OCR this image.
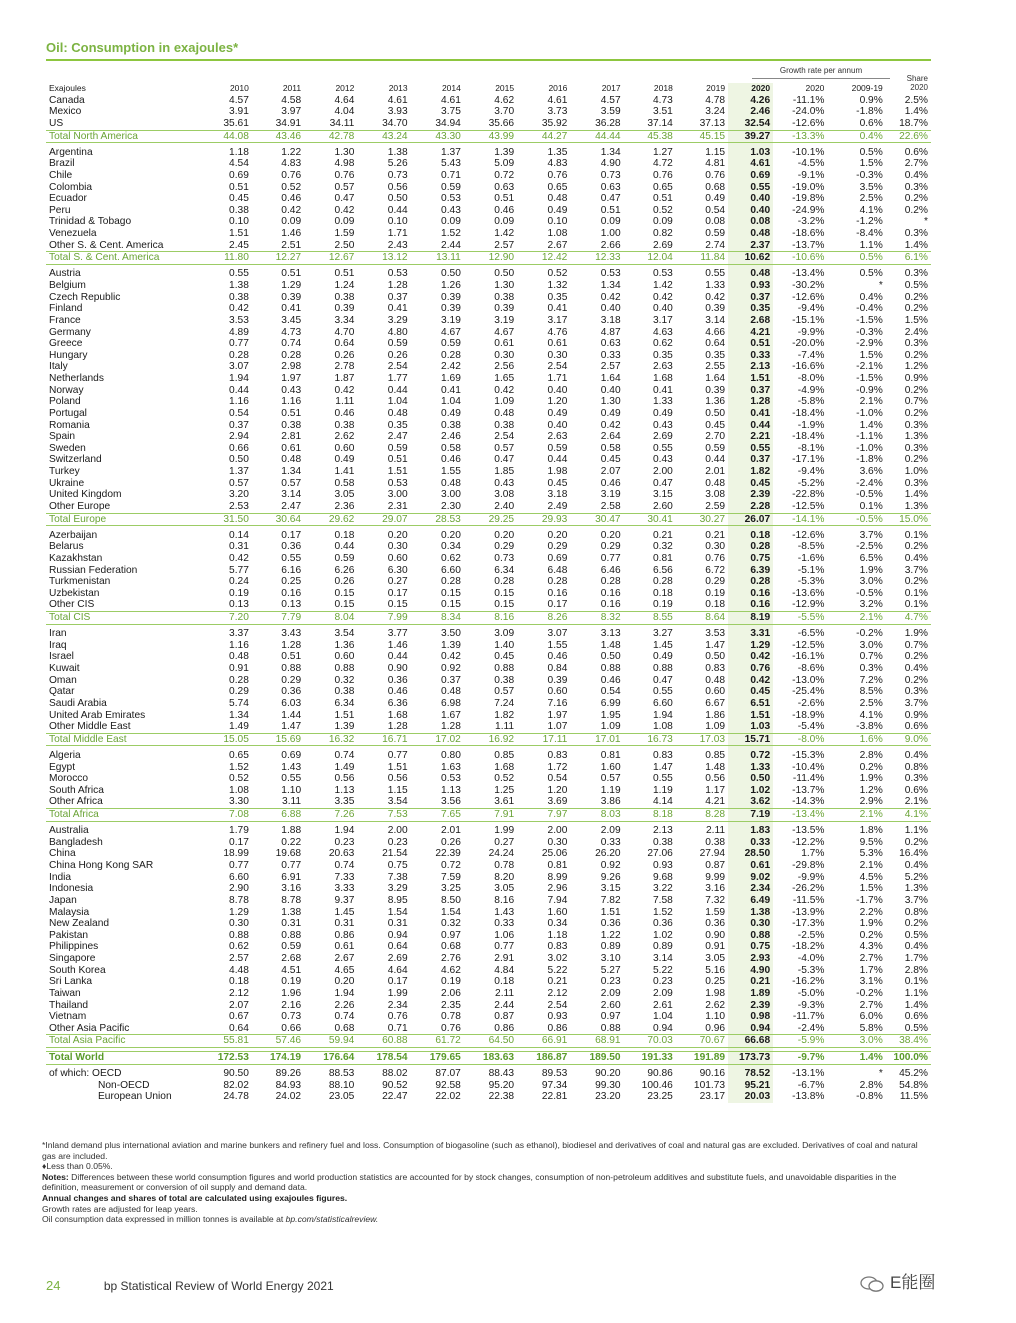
Oil: Consumption in exajoules*
Growth rate per annum
Share
2020
Exajoules	2010	2011	2012	2013	2014	2015	2016	2017	2018	2019	2020	2020	2009-19	
Canada	4.57	4.58	4.64	4.61	4.61	4.62	4.61	4.57	4.73	4.78	4.26	-11.1%	0.9%	2.5%
Mexico	3.91	3.97	4.04	3.93	3.75	3.70	3.73	3.59	3.51	3.24	2.46	-24.0%	-1.8%	1.4%
US	35.61	34.91	34.11	34.70	34.94	35.66	35.92	36.28	37.14	37.13	32.54	-12.6%	0.6%	18.7%
Total North America	44.08	43.46	42.78	43.24	43.30	43.99	44.27	44.44	45.38	45.15	39.27	-13.3%	0.4%	22.6%

Argentina	1.18	1.22	1.30	1.38	1.37	1.39	1.35	1.34	1.27	1.15	1.03	-10.1%	0.5%	0.6%
Brazil	4.54	4.83	4.98	5.26	5.43	5.09	4.83	4.90	4.72	4.81	4.61	-4.5%	1.5%	2.7%
Chile	0.69	0.76	0.76	0.73	0.71	0.72	0.76	0.73	0.76	0.76	0.69	-9.1%	-0.3%	0.4%
Colombia	0.51	0.52	0.57	0.56	0.59	0.63	0.65	0.63	0.65	0.68	0.55	-19.0%	3.5%	0.3%
Ecuador	0.45	0.46	0.47	0.50	0.53	0.51	0.48	0.47	0.51	0.49	0.40	-19.8%	2.5%	0.2%
Peru	0.38	0.42	0.42	0.44	0.43	0.46	0.49	0.51	0.52	0.54	0.40	-24.9%	4.1%	0.2%
Trinidad & Tobago	0.10	0.09	0.09	0.10	0.09	0.09	0.10	0.09	0.09	0.08	0.08	-3.2%	-1.2%	*
Venezuela	1.51	1.46	1.59	1.71	1.52	1.42	1.08	1.00	0.82	0.59	0.48	-18.6%	-8.4%	0.3%
Other S. & Cent. America	2.45	2.51	2.50	2.43	2.44	2.57	2.67	2.66	2.69	2.74	2.37	-13.7%	1.1%	1.4%
Total S. & Cent. America	11.80	12.27	12.67	13.12	13.11	12.90	12.42	12.33	12.04	11.84	10.62	-10.6%	0.5%	6.1%

Austria	0.55	0.51	0.51	0.53	0.50	0.50	0.52	0.53	0.53	0.55	0.48	-13.4%	0.5%	0.3%
Belgium	1.38	1.29	1.24	1.28	1.26	1.30	1.32	1.34	1.42	1.33	0.93	-30.2%	*	0.5%
Czech Republic	0.38	0.39	0.38	0.37	0.39	0.38	0.35	0.42	0.42	0.42	0.37	-12.6%	0.4%	0.2%
Finland	0.42	0.41	0.39	0.41	0.39	0.39	0.41	0.40	0.40	0.39	0.35	-9.4%	-0.4%	0.2%
France	3.53	3.45	3.34	3.29	3.19	3.19	3.17	3.18	3.17	3.14	2.68	-15.1%	-1.5%	1.5%
Germany	4.89	4.73	4.70	4.80	4.67	4.67	4.76	4.87	4.63	4.66	4.21	-9.9%	-0.3%	2.4%
Greece	0.77	0.74	0.64	0.59	0.59	0.61	0.61	0.63	0.62	0.64	0.51	-20.0%	-2.9%	0.3%
Hungary	0.28	0.28	0.26	0.26	0.28	0.30	0.30	0.33	0.35	0.35	0.33	-7.4%	1.5%	0.2%
Italy	3.07	2.98	2.78	2.54	2.42	2.56	2.54	2.57	2.63	2.55	2.13	-16.6%	-2.1%	1.2%
Netherlands	1.94	1.97	1.87	1.77	1.69	1.65	1.71	1.64	1.68	1.64	1.51	-8.0%	-1.5%	0.9%
Norway	0.44	0.43	0.42	0.44	0.41	0.42	0.40	0.40	0.41	0.39	0.37	-4.9%	-0.9%	0.2%
Poland	1.16	1.16	1.11	1.04	1.04	1.09	1.20	1.30	1.33	1.36	1.28	-5.8%	2.1%	0.7%
Portugal	0.54	0.51	0.46	0.48	0.49	0.48	0.49	0.49	0.49	0.50	0.41	-18.4%	-1.0%	0.2%
Romania	0.37	0.38	0.38	0.35	0.38	0.38	0.40	0.42	0.43	0.45	0.44	-1.9%	1.4%	0.3%
Spain	2.94	2.81	2.62	2.47	2.46	2.54	2.63	2.64	2.69	2.70	2.21	-18.4%	-1.1%	1.3%
Sweden	0.66	0.61	0.60	0.59	0.58	0.57	0.59	0.58	0.55	0.59	0.55	-8.1%	-1.0%	0.3%
Switzerland	0.50	0.48	0.49	0.51	0.46	0.47	0.44	0.45	0.43	0.44	0.37	-17.1%	-1.8%	0.2%
Turkey	1.37	1.34	1.41	1.51	1.55	1.85	1.98	2.07	2.00	2.01	1.82	-9.4%	3.6%	1.0%
Ukraine	0.57	0.57	0.58	0.53	0.48	0.43	0.45	0.46	0.47	0.48	0.45	-5.2%	-2.4%	0.3%
United Kingdom	3.20	3.14	3.05	3.00	3.00	3.08	3.18	3.19	3.15	3.08	2.39	-22.8%	-0.5%	1.4%
Other Europe	2.53	2.47	2.36	2.31	2.30	2.40	2.49	2.58	2.60	2.59	2.28	-12.5%	0.1%	1.3%
Total Europe	31.50	30.64	29.62	29.07	28.53	29.25	29.93	30.47	30.41	30.27	26.07	-14.1%	-0.5%	15.0%

Azerbaijan	0.14	0.17	0.18	0.20	0.20	0.20	0.20	0.20	0.21	0.21	0.18	-12.6%	3.7%	0.1%
Belarus	0.31	0.36	0.44	0.30	0.34	0.29	0.29	0.29	0.32	0.30	0.28	-8.5%	-2.5%	0.2%
Kazakhstan	0.42	0.55	0.59	0.60	0.62	0.73	0.69	0.77	0.81	0.76	0.75	-1.6%	6.5%	0.4%
Russian Federation	5.77	6.16	6.26	6.30	6.60	6.34	6.48	6.46	6.56	6.72	6.39	-5.1%	1.9%	3.7%
Turkmenistan	0.24	0.25	0.26	0.27	0.28	0.28	0.28	0.28	0.28	0.29	0.28	-5.3%	3.0%	0.2%
Uzbekistan	0.19	0.16	0.15	0.17	0.15	0.15	0.16	0.16	0.18	0.19	0.16	-13.6%	-0.5%	0.1%
Other CIS	0.13	0.13	0.15	0.15	0.15	0.15	0.17	0.16	0.19	0.18	0.16	-12.9%	3.2%	0.1%
Total CIS	7.20	7.79	8.04	7.99	8.34	8.16	8.26	8.32	8.55	8.64	8.19	-5.5%	2.1%	4.7%

Iran	3.37	3.43	3.54	3.77	3.50	3.09	3.07	3.13	3.27	3.53	3.31	-6.5%	-0.2%	1.9%
Iraq	1.16	1.28	1.36	1.46	1.39	1.40	1.55	1.48	1.45	1.47	1.29	-12.5%	3.0%	0.7%
Israel	0.48	0.51	0.60	0.44	0.42	0.45	0.46	0.50	0.49	0.50	0.42	-16.1%	0.7%	0.2%
Kuwait	0.91	0.88	0.88	0.90	0.92	0.88	0.84	0.88	0.88	0.83	0.76	-8.6%	0.3%	0.4%
Oman	0.28	0.29	0.32	0.36	0.37	0.38	0.39	0.46	0.47	0.48	0.42	-13.0%	7.2%	0.2%
Qatar	0.29	0.36	0.38	0.46	0.48	0.57	0.60	0.54	0.55	0.60	0.45	-25.4%	8.5%	0.3%
Saudi Arabia	5.74	6.03	6.34	6.36	6.98	7.24	7.16	6.99	6.60	6.67	6.51	-2.6%	2.5%	3.7%
United Arab Emirates	1.34	1.44	1.51	1.68	1.67	1.82	1.97	1.95	1.94	1.86	1.51	-18.9%	4.1%	0.9%
Other Middle East	1.49	1.47	1.39	1.28	1.28	1.11	1.07	1.09	1.08	1.09	1.03	-5.4%	-3.8%	0.6%
Total Middle East	15.05	15.69	16.32	16.71	17.02	16.92	17.11	17.01	16.73	17.03	15.71	-8.0%	1.6%	9.0%

Algeria	0.65	0.69	0.74	0.77	0.80	0.85	0.83	0.81	0.83	0.85	0.72	-15.3%	2.8%	0.4%
Egypt	1.52	1.43	1.49	1.51	1.63	1.68	1.72	1.60	1.47	1.48	1.33	-10.4%	0.2%	0.8%
Morocco	0.52	0.55	0.56	0.56	0.53	0.52	0.54	0.57	0.55	0.56	0.50	-11.4%	1.9%	0.3%
South Africa	1.08	1.10	1.13	1.15	1.13	1.25	1.20	1.19	1.19	1.17	1.02	-13.7%	1.2%	0.6%
Other Africa	3.30	3.11	3.35	3.54	3.56	3.61	3.69	3.86	4.14	4.21	3.62	-14.3%	2.9%	2.1%
Total Africa	7.08	6.88	7.26	7.53	7.65	7.91	7.97	8.03	8.18	8.28	7.19	-13.4%	2.1%	4.1%

Australia	1.79	1.88	1.94	2.00	2.01	1.99	2.00	2.09	2.13	2.11	1.83	-13.5%	1.8%	1.1%
Bangladesh	0.17	0.22	0.23	0.23	0.26	0.27	0.30	0.33	0.38	0.38	0.33	-12.2%	9.5%	0.2%
China	18.99	19.68	20.63	21.54	22.39	24.24	25.06	26.20	27.06	27.94	28.50	1.7%	5.3%	16.4%
China Hong Kong SAR	0.77	0.77	0.74	0.75	0.72	0.78	0.81	0.92	0.93	0.87	0.61	-29.8%	2.1%	0.4%
India	6.60	6.91	7.33	7.38	7.59	8.20	8.99	9.26	9.68	9.99	9.02	-9.9%	4.5%	5.2%
Indonesia	2.90	3.16	3.33	3.29	3.25	3.05	2.96	3.15	3.22	3.16	2.34	-26.2%	1.5%	1.3%
Japan	8.78	8.78	9.37	8.95	8.50	8.16	7.94	7.82	7.58	7.32	6.49	-11.5%	-1.7%	3.7%
Malaysia	1.29	1.38	1.45	1.54	1.54	1.43	1.60	1.51	1.52	1.59	1.38	-13.9%	2.2%	0.8%
New Zealand	0.30	0.31	0.31	0.31	0.32	0.33	0.34	0.36	0.36	0.36	0.30	-17.3%	1.9%	0.2%
Pakistan	0.88	0.88	0.86	0.94	0.97	1.06	1.18	1.22	1.02	0.90	0.88	-2.5%	0.2%	0.5%
Philippines	0.62	0.59	0.61	0.64	0.68	0.77	0.83	0.89	0.89	0.91	0.75	-18.2%	4.3%	0.4%
Singapore	2.57	2.68	2.67	2.69	2.76	2.91	3.02	3.10	3.14	3.05	2.93	-4.0%	2.7%	1.7%
South Korea	4.48	4.51	4.65	4.64	4.62	4.84	5.22	5.27	5.22	5.16	4.90	-5.3%	1.7%	2.8%
Sri Lanka	0.18	0.19	0.20	0.17	0.19	0.18	0.21	0.23	0.23	0.25	0.21	-16.2%	3.1%	0.1%
Taiwan	2.12	1.96	1.94	1.99	2.06	2.11	2.12	2.09	2.09	1.98	1.89	-5.0%	-0.2%	1.1%
Thailand	2.07	2.16	2.26	2.34	2.35	2.44	2.54	2.60	2.61	2.62	2.39	-9.3%	2.7%	1.4%
Vietnam	0.67	0.73	0.74	0.76	0.78	0.87	0.93	0.97	1.04	1.10	0.98	-11.7%	6.0%	0.6%
Other Asia Pacific	0.64	0.66	0.68	0.71	0.76	0.86	0.86	0.88	0.94	0.96	0.94	-2.4%	5.8%	0.5%
Total Asia Pacific	55.81	57.46	59.94	60.88	61.72	64.50	66.91	68.91	70.03	70.67	66.68	-5.9%	3.0%	38.4%

Total World	172.53	174.19	176.64	178.54	179.65	183.63	186.87	189.50	191.33	191.89	173.73	-9.7%	1.4%	100.0%

of which: OECD	90.50	89.26	88.53	88.02	87.07	88.43	89.53	90.20	90.86	90.16	78.52	-13.1%	*	45.2%
Non-OECD	82.02	84.93	88.10	90.52	92.58	95.20	97.34	99.30	100.46	101.73	95.21	-6.7%	2.8%	54.8%
European Union	24.78	24.02	23.05	22.47	22.02	22.38	22.81	23.20	23.25	23.17	20.03	-13.8%	-0.8%	11.5%
*Inland demand plus international aviation and marine bunkers and refinery fuel and loss. Consumption of biogasoline (such as ethanol), biodiesel and derivatives of coal and natural gas are excluded. Derivatives of coal and natural gas are included.
♦Less than 0.05%.
Notes: Differences between these world consumption figures and world production statistics are accounted for by stock changes, consumption of non-petroleum additives and substitute fuels, and unavoidable disparities in the definition, measurement or conversion of oil supply and demand data.
Annual changes and shares of total are calculated using exajoules figures.
Growth rates are adjusted for leap years.
Oil consumption data expressed in million tonnes is available at bp.com/statisticalreview.
24	bp Statistical Review of World Energy 2021	E能圈
